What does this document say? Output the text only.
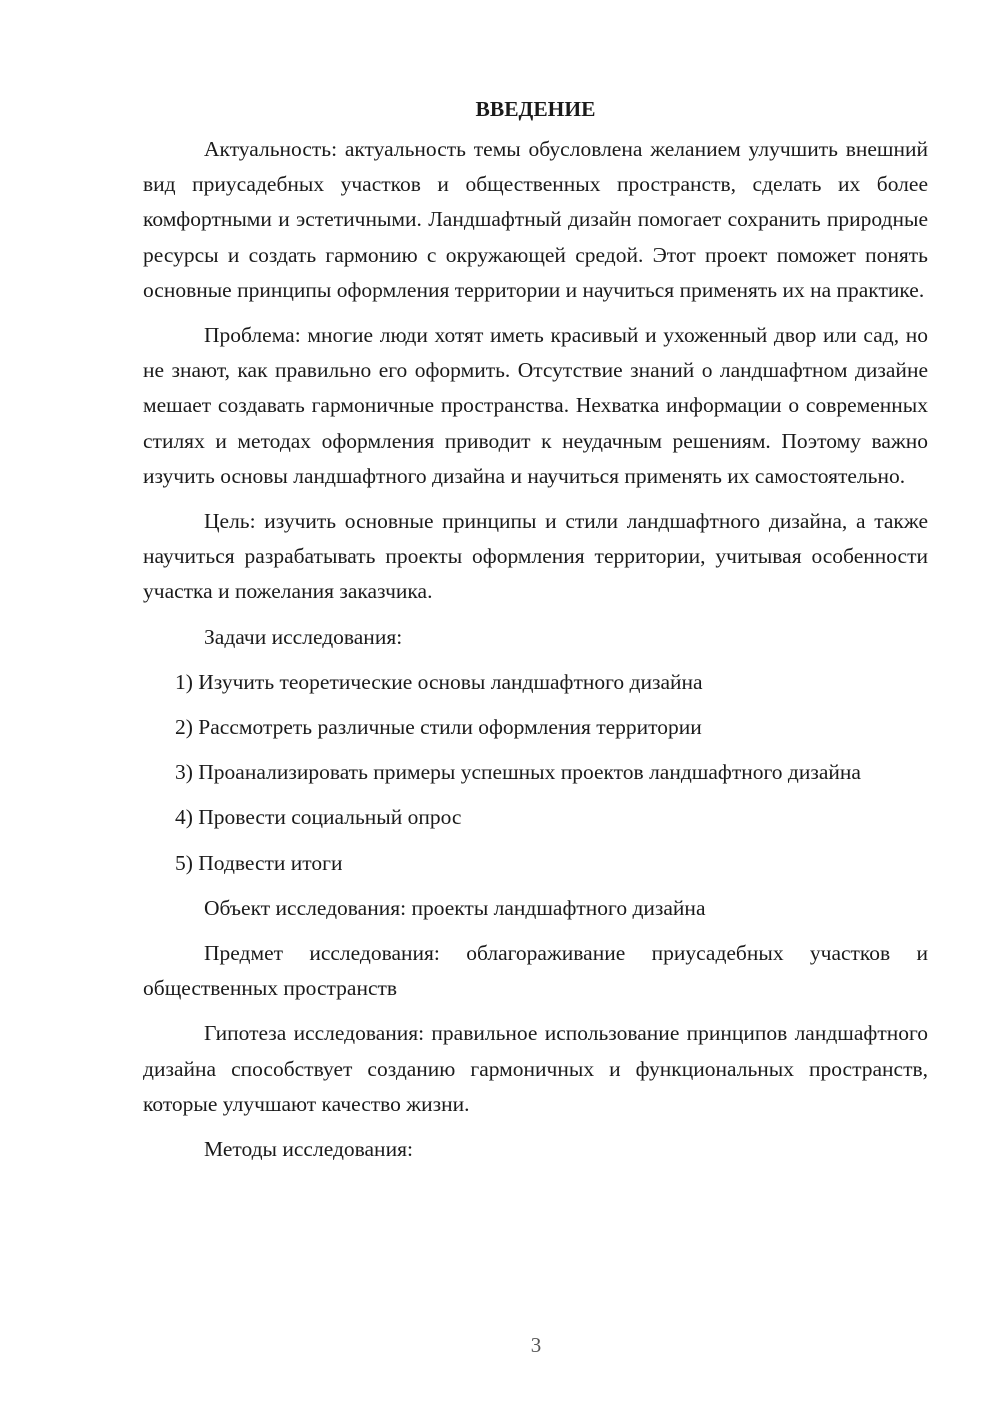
ВВЕДЕНИЕ

Актуальность: актуальность темы обусловлена желанием улучшить внешний вид приусадебных участков и общественных пространств, сделать их более комфортными и эстетичными. Ландшафтный дизайн помогает сохранить природные ресурсы и создать гармонию с окружающей средой. Этот проект поможет понять основные принципы оформления территории и научиться применять их на практике.

Проблема: многие люди хотят иметь красивый и ухоженный двор или сад, но не знают, как правильно его оформить. Отсутствие знаний о ландшафтном дизайне мешает создавать гармоничные пространства. Нехватка информации о современных стилях и методах оформления приводит к неудачным решениям. Поэтому важно изучить основы ландшафтного дизайна и научиться применять их самостоятельно.

Цель: изучить основные принципы и стили ландшафтного дизайна, а также научиться разрабатывать проекты оформления территории, учитывая особенности участка и пожелания заказчика.

Задачи исследования:

1) Изучить теоретические основы ландшафтного дизайна

2) Рассмотреть различные стили оформления территории

3) Проанализировать примеры успешных проектов ландшафтного дизайна

4) Провести социальный опрос

5) Подвести итоги

Объект исследования: проекты ландшафтного дизайна

Предмет исследования: облагораживание приусадебных участков и общественных пространств

Гипотеза исследования: правильное использование принципов ландшафтного дизайна способствует созданию гармоничных и функциональных пространств, которые улучшают качество жизни.

Методы исследования:

3
